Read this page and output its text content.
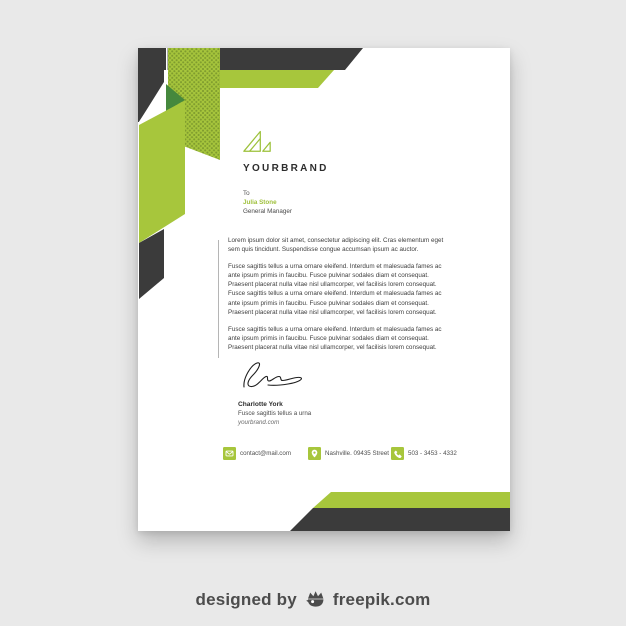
YOURBRAND
To
Julia Stone
General Manager

Lorem ipsum dolor sit amet, consectetur adipiscing elit. Cras elementum eget sem quis tincidunt. Suspendisse congue accumsan ipsum ac auctor.

Fusce sagittis tellus a urna ornare eleifend. Interdum et malesuada fames ac ante ipsum primis in faucibu. Fusce pulvinar sodales diam et consequat. Praesent placerat nulla vitae nisl ullamcorper, vel facilisis lorem consequat. Fusce sagittis tellus a urna ornare eleifend. Interdum et malesuada fames ac ante ipsum primis in faucibu. Fusce pulvinar sodales diam et consequat. Praesent placerat nulla vitae nisl ullamcorper, vel facilisis lorem consequat.

Fusce sagittis tellus a urna ornare eleifend. Interdum et malesuada fames ac ante ipsum primis in faucibu. Fusce pulvinar sodales diam et consequat. Praesent placerat nulla vitae nisl ullamcorper, vel facilisis lorem consequat.

Charlotte York
Fusce sagittis tellus a urna
yourbrand.com
contact@mail.com	Nashville. 09435 Street	503 - 3453 - 4332
designed by freepik.com
